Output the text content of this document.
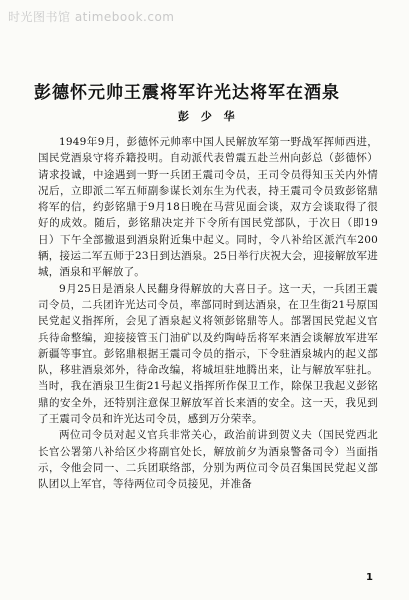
时光图书馆 atimebook.com
彭德怀元帅王震将军许光达将军在酒泉
彭 少 华

1949年9月，彭德怀元帅率中国人民解放军第一野战军挥师西进，国民党酒泉守将乔籍投明。自动派代表曾震五赴兰州向彭总（彭德怀）请求投诚，中途遇到一野一兵团王震司令员，王司令员得知玉关内外情况后，立即派二军五师副参谋长刘东生为代表，持王震司令员致彭铭鼎将军的信，约彭铭鼎于9月18日晚在马营见面会谈，双方会谈取得了很好的成效。随后，彭铭鼎决定并下令所有国民党部队，于次日（即19日）下午全部撤退到酒泉附近集中起义。同时，令八补给区派汽车200辆，接运二军五师于23日到达酒泉。25日举行庆祝大会，迎接解放军进城，酒泉和平解放了。

9月25日是酒泉人民翻身得解放的大喜日子。这一天，一兵团王震司令员，二兵团许光达司令员，率部同时到达酒泉，在卫生街21号原国民党起义指挥所，会见了酒泉起义将领彭铭鼎等人。部署国民党起义官兵待命整编，迎接接管玉门油矿以及约陶峙岳将军来酒会谈解放军进军新疆等事宜。彭铭鼎根据王震司令员的指示，下令驻酒泉城内的起义部队，移驻酒泉郊外，待命改编，将城垣驻地腾出来，让与解放军驻扎。当时，我在酒泉卫生街21号起义指挥所作保卫工作，除保卫我起义彭铭鼎的安全外，还特别注意保卫解放军首长来酒的安全。这一天，我见到了王震司令员和许光达司令员，感到万分荣幸。

两位司令员对起义官兵非常关心，政治前讲到贺义夫（国民党西北长官公署第八补给区少将副官处长，解放前夕为酒泉警备司令）当面指示，令他会同一、二兵团联络部，分别为两位司令员召集国民党起义部队团以上军官，等待两位司令员接见，并准备

1
